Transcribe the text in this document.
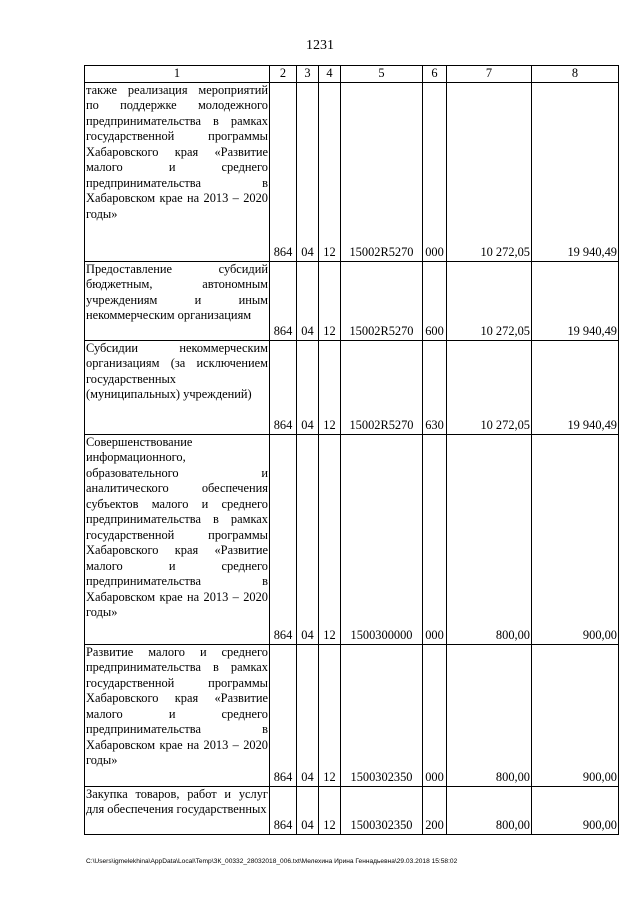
1231
1	2	3	4	5	6	7	8
также реализация мероприятий по поддержке молодежного предпринимательства в рамках государственной программы Хабаровского края «Развитие малого и среднего предпринимательства в Хабаровском крае на 2013 – 2020 годы»	864	04	12	15002R5270	000	10 272,05	19 940,49
Предоставление субсидий бюджетным, автономным учреждениям и иным некоммерческим организациям	864	04	12	15002R5270	600	10 272,05	19 940,49
Субсидии некоммерческим организациям (за исключением государственных (муниципальных) учреждений)	864	04	12	15002R5270	630	10 272,05	19 940,49
Совершенствование информационного, образовательного и аналитического обеспечения субъектов малого и среднего предпринимательства в рамках государственной программы Хабаровского края «Развитие малого и среднего предпринимательства в Хабаровском крае на 2013 – 2020 годы»	864	04	12	1500300000	000	800,00	900,00
Развитие малого и среднего предпринимательства в рамках государственной программы Хабаровского края «Развитие малого и среднего предпринимательства в Хабаровском крае на 2013 – 2020 годы»	864	04	12	1500302350	000	800,00	900,00
Закупка товаров, работ и услуг для обеспечения государственных	864	04	12	1500302350	200	800,00	900,00
C:\Users\igmelekhina\AppData\Local\Temp\ЗК_00332_28032018_006.txt\Мелехина Ирина Геннадьевна\29.03.2018 15:58:02
